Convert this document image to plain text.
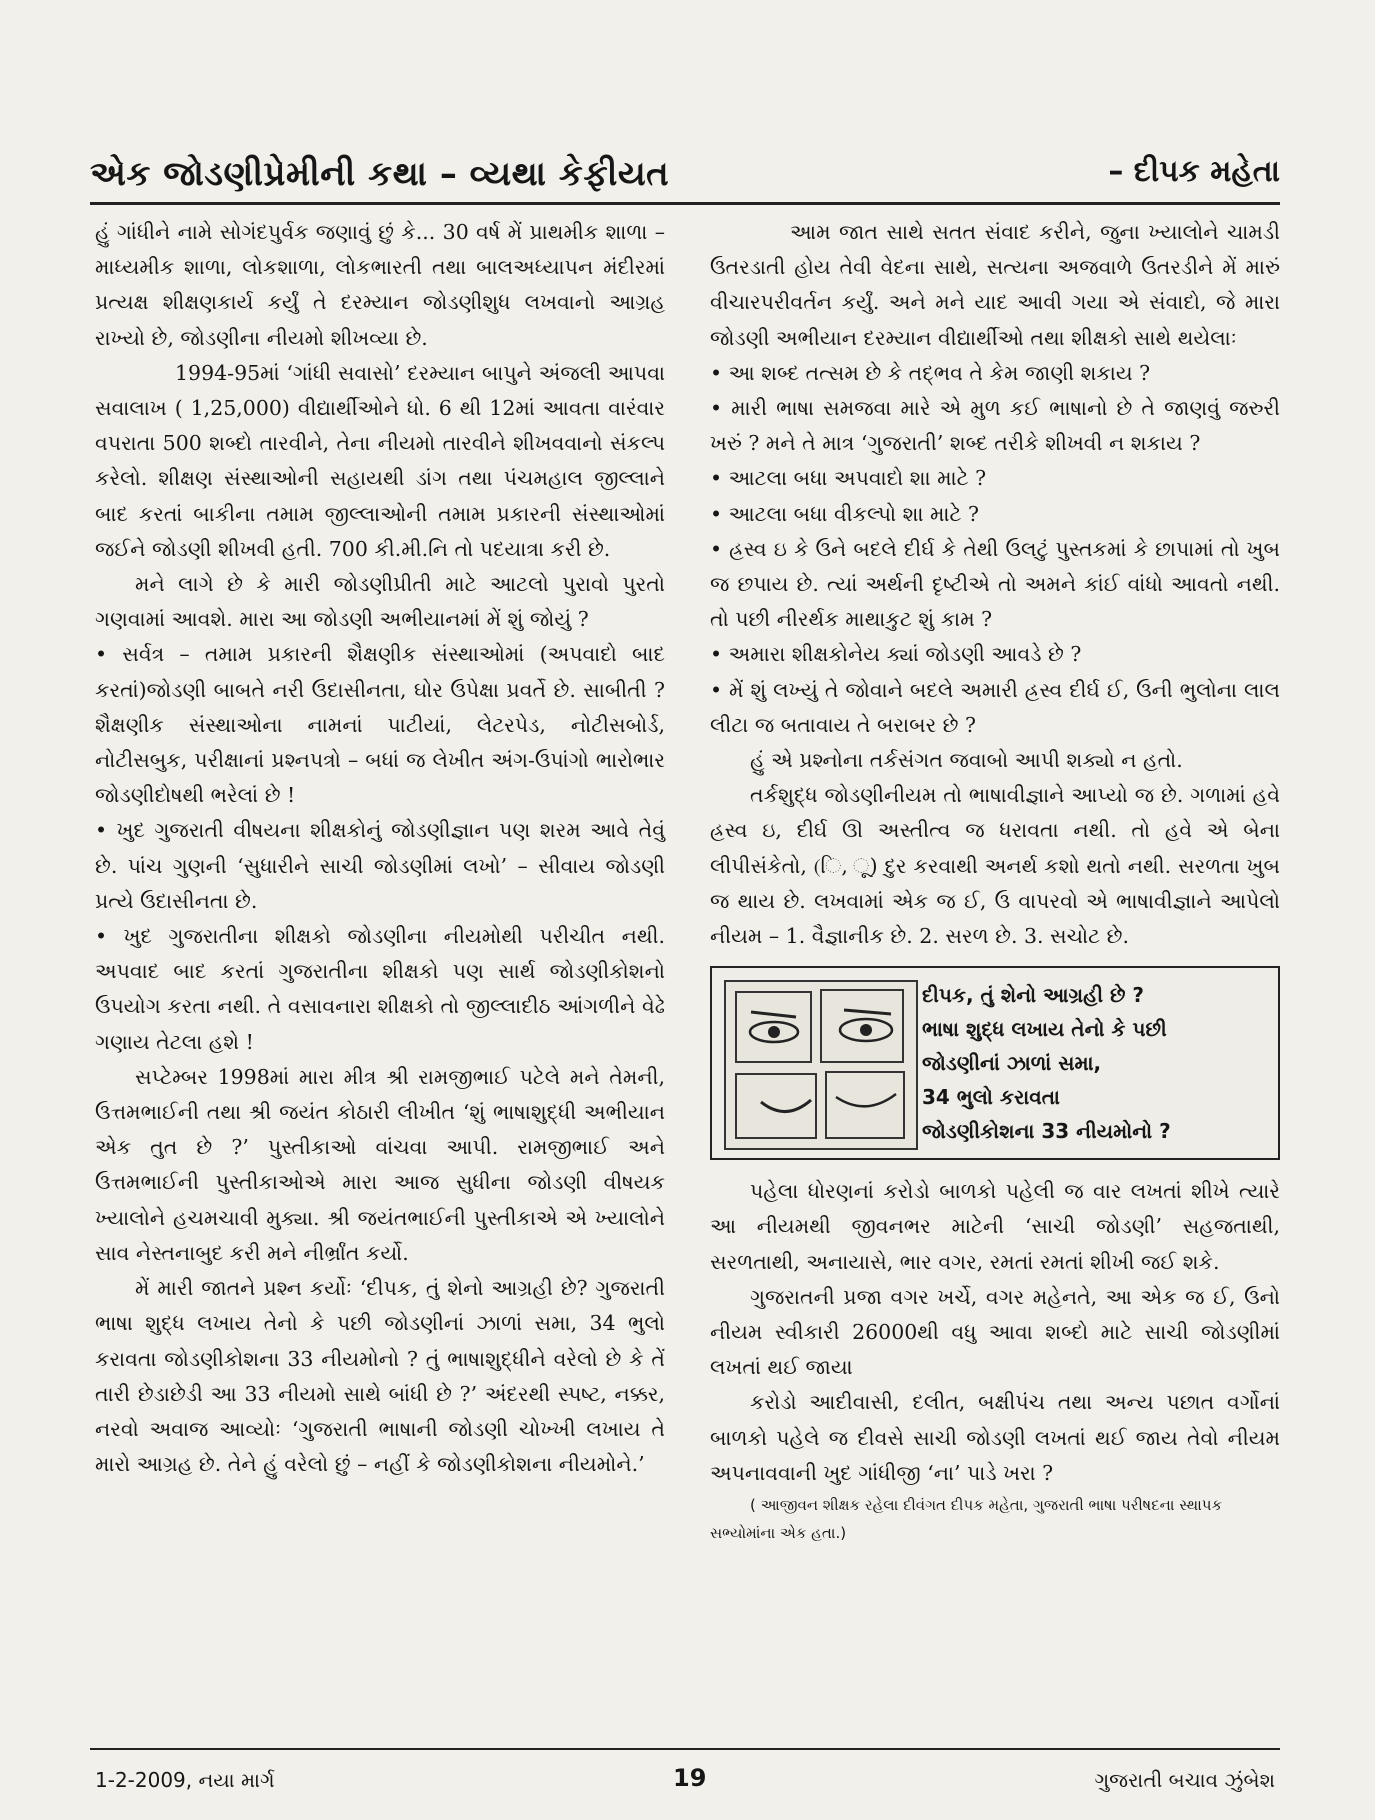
એક જોડણીપ્રેમીની કથા – વ્યથા કેફીયત	– દીપક મહેતા

હું ગાંધીને નામે સોગંદપુર્વક જણાવું છું કે... 30 વર્ષ મેં પ્રાથમીક શાળા – માધ્યમીક શાળા, લોકશાળા, લોકભારતી તથા બાલઅધ્યાપન મંદીરમાં પ્રત્યક્ષ શીક્ષણકાર્ય કર્યું તે દરમ્યાન જોડણીશુધ લખવાનો આગ્રહ રાખ્યો છે, જોડણીના નીયમો શીખવ્યા છે.

1994-95માં ‘ગાંધી સવાસો’ દરમ્યાન બાપુને અંજલી આપવા સવાલાખ ( 1,25,000) વીદ્યાર્થીઓને ધો. 6 થી 12માં આવતા વારંવાર વપરાતા 500 શબ્દો તારવીને, તેના નીયમો તારવીને શીખવવાનો સંકલ્પ કરેલો. શીક્ષણ સંસ્થાઓની સહાયથી ડાંગ તથા પંચમહાલ જીલ્લાને બાદ કરતાં બાકીના તમામ જીલ્લાઓની તમામ પ્રકારની સંસ્થાઓમાં જઈને જોડણી શીખવી હતી. 700 કી.મી.નિ તો પદયાત્રા કરી છે.

મને લાગે છે કે મારી જોડણીપ્રીતી માટે આટલો પુરાવો પુરતો ગણવામાં આવશે. મારા આ જોડણી અભીયાનમાં મેં શું જોયું ?

• સર્વત્ર – તમામ પ્રકારની શૈક્ષણીક સંસ્થાઓમાં (અપવાદો બાદ કરતાં)જોડણી બાબતે નરી ઉદાસીનતા, ઘોર ઉપેક્ષા પ્રવર્તે છે. સાબીતી ? શૈક્ષણીક સંસ્થાઓના નામનાં પાટીયાં, લેટરપેડ, નોટીસબોર્ડ, નોટીસબુક, પરીક્ષાનાં પ્રશ્નપત્રો – બધાં જ લેખીત અંગ-ઉપાંગો ભારોભાર જોડણીદોષથી ભરેલાં છે !

• ખુદ ગુજરાતી વીષયના શીક્ષકોનું જોડણીજ્ઞાન પણ શરમ આવે તેવું છે. પાંચ ગુણની ‘સુધારીને સાચી જોડણીમાં લખો’ – સીવાય જોડણી પ્રત્યે ઉદાસીનતા છે.

• ખુદ ગુજરાતીના શીક્ષકો જોડણીના નીયમોથી પરીચીત નથી. અપવાદ બાદ કરતાં ગુજરાતીના શીક્ષકો પણ સાર્થ જોડણીકોશનો ઉપયોગ કરતા નથી. તે વસાવનારા શીક્ષકો તો જીલ્લાદીઠ આંગળીને વેઢે ગણાય તેટલા હશે !

સપ્ટેમ્બર 1998માં મારા મીત્ર શ્રી રામજીભાઈ પટેલે મને તેમની, ઉત્તમભાઈની તથા શ્રી જયંત કોઠારી લીખીત ‘શું ભાષાશુદ્ધી અભીયાન એક તુત છે ?’ પુસ્તીકાઓ વાંચવા આપી. રામજીભાઈ અને ઉત્તમભાઈની પુસ્તીકાઓએ મારા આજ સુધીના જોડણી વીષયક ખ્યાલોને હચમચાવી મુક્યા. શ્રી જયંતભાઈની પુસ્તીકાએ એ ખ્યાલોને સાવ નેસ્તનાબુદ કરી મને નીર્ભ્રાંત કર્યો.

મેં મારી જાતને પ્રશ્ન કર્યોઃ ‘દીપક, તું શેનો આગ્રહી છે? ગુજરાતી ભાષા શુદ્ધ લખાય તેનો કે પછી જોડણીનાં ઝાળાં સમા, 34 ભુલો કરાવતા જોડણીકોશના 33 નીયમોનો ? તું ભાષાશુદ્ધીને વરેલો છે કે તેં તારી છેડાછેડી આ 33 નીયમો સાથે બાંધી છે ?’ અંદરથી સ્પષ્ટ, નક્કર, નરવો અવાજ આવ્યોઃ ‘ગુજરાતી ભાષાની જોડણી ચોખ્ખી લખાય તે મારો આગ્રહ છે. તેને હું વરેલો છું – નહીં કે જોડણીકોશના નીયમોને.’

આમ જાત સાથે સતત સંવાદ કરીને, જુના ખ્યાલોને ચામડી ઉતરડાતી હોય તેવી વેદના સાથે, સત્યના અજવાળે ઉતરડીને મેં મારું વીચારપરીવર્તન કર્યું. અને મને યાદ આવી ગયા એ સંવાદો, જે મારા જોડણી અભીયાન દરમ્યાન વીદ્યાર્થીઓ તથા શીક્ષકો સાથે થયેલાઃ

• આ શબ્દ તત્સમ છે કે તદ્ભવ તે કેમ જાણી શકાય ?

• મારી ભાષા સમજવા મારે એ મુળ કઈ ભાષાનો છે તે જાણવું જરુરી ખરું ? મને તે માત્ર ‘ગુજરાતી’ શબ્દ તરીકે શીખવી ન શકાય ?

• આટલા બધા અપવાદો શા માટે ?

• આટલા બધા વીકલ્પો શા માટે ?

• હ્રસ્વ ઇ કે ઉને બદલે દીર્ઘ કે તેથી ઉલટું પુસ્તકમાં કે છાપામાં તો ખુબ જ છપાય છે. ત્યાં અર્થની દૃષ્ટીએ તો અમને કાંઈ વાંધો આવતો નથી. તો પછી નીરર્થક માથાકુટ શું કામ ?

• અમારા શીક્ષકોનેય ક્યાં જોડણી આવડે છે ?

• મેં શું લખ્યું તે જોવાને બદલે અમારી હ્રસ્વ દીર્ઘ ઈ, ઉની ભુલોના લાલ લીટા જ બતાવાય તે બરાબર છે ?

હું એ પ્રશ્નોના તર્કસંગત જવાબો આપી શક્યો ન હતો.

તર્કશુદ્ધ જોડણીનીયમ તો ભાષાવીજ્ઞાને આપ્યો જ છે. ગળામાં હવે હ્રસ્વ ઇ, દીર્ઘ ઊ અસ્તીત્વ જ ધરાવતા નથી. તો હવે એ બેના લીપીસંકેતો, (િ, ૂ) દુર કરવાથી અનર્થ કશો થતો નથી. સરળતા ખુબ જ થાય છે. લખવામાં એક જ ઈ, ઉ વાપરવો એ ભાષાવીજ્ઞાને આપેલો નીયમ – 1. વૈજ્ઞાનીક છે. 2. સરળ છે. 3. સચોટ છે.

દીપક, તું શેનો આગ્રહી છે ?
ભાષા શુદ્ધ લખાય તેનો કે પછી
જોડણીનાં ઝાળાં સમા,
34 ભુલો કરાવતા
જોડણીકોશના 33 નીયમોનો ?

પહેલા ધોરણનાં કરોડો બાળકો પહેલી જ વાર લખતાં શીખે ત્યારે આ નીયમથી જીવનભર માટેની ‘સાચી જોડણી’ સહજતાથી, સરળતાથી, અનાયાસે, ભાર વગર, રમતાં રમતાં શીખી જઈ શકે.

ગુજરાતની પ્રજા વગર ખર્ચે, વગર મહેનતે, આ એક જ ઈ, ઉનો નીયમ સ્વીકારી 26000થી વધુ આવા શબ્દો માટે સાચી જોડણીમાં લખતાં થઈ જાય।

કરોડો આદીવાસી, દલીત, બક્ષીપંચ તથા અન્ય પછાત વર્ગોનાં બાળકો પહેલે જ દીવસે સાચી જોડણી લખતાં થઈ જાય તેવો નીયમ અપનાવવાની ખુદ ગાંધીજી ‘ના’ પાડે ખરા ?

( આજીવન શીક્ષક રહેલા દીવંગત દીપક મહેતા, ગુજરાતી ભાષા પરીષદના સ્થાપક સભ્યોમાંના એક હતા.)

1-2-2009, નયા માર્ગ	19	ગુજરાતી બચાવ ઝુંબેશ
